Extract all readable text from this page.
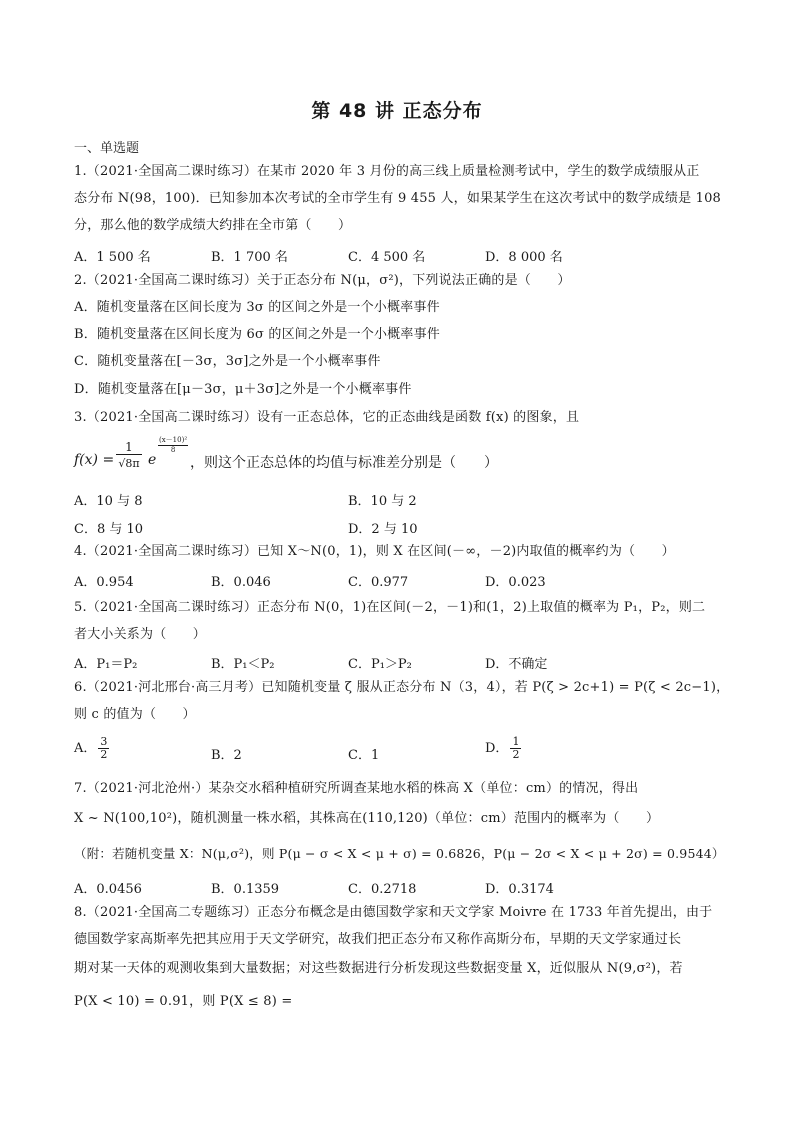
第 48 讲 正态分布
一、单选题
1.（2021·全国高二课时练习）在某市 2020 年 3 月份的高三线上质量检测考试中，学生的数学成绩服从正
态分布 N(98，100)．已知参加本次考试的全市学生有 9 455 人，如果某学生在这次考试中的数学成绩是 108
分，那么他的数学成绩大约排在全市第（　　）
A．1 500 名	B．1 700 名	C．4 500 名	D．8 000 名
2.（2021·全国高二课时练习）关于正态分布 N(μ，σ²)，下列说法正确的是（　　）
A．随机变量落在区间长度为 3σ 的区间之外是一个小概率事件
B．随机变量落在区间长度为 6σ 的区间之外是一个小概率事件
C．随机变量落在[－3σ，3σ]之外是一个小概率事件
D．随机变量落在[μ－3σ，μ＋3σ]之外是一个小概率事件
3.（2021·全国高二课时练习）设有一正态总体，它的正态曲线是函数 f(x) 的图象，且
$f(x) = \frac{1}{√8\pi}$ e
$\frac{\text{(x－10)²}}{8}$
，则这个正态总体的均值与标准差分别是（　　）
A．10 与 8	B．10 与 2
C．8 与 10	D．2 与 10
4.（2021·全国高二课时练习）已知 X～N(0，1)，则 X 在区间(－∞，－2)内取值的概率约为（　　）
A．0.954	B．0.046	C．0.977	D．0.023
5.（2021·全国高二课时练习）正态分布 N(0，1)在区间(－2，－1)和(1，2)上取值的概率为 P₁，P₂，则二
者大小关系为（　　）
A．P₁＝P₂	B．P₁＜P₂	C．P₁＞P₂	D．不确定
6.（2021·河北邢台·高三月考）已知随机变量 ζ 服从正态分布 N（3，4），若 P(ζ > 2c+1) = P(ζ < 2c−1)，
则 c 的值为（　　）
A． $\frac{3}{2}$	B．2	C．1	D． $\frac{1}{2}$
7.（2021·河北沧州·）某杂交水稻种植研究所调查某地水稻的株高 X（单位：cm）的情况，得出
X ~ N(100,10²)，随机测量一株水稻，其株高在(110,120)（单位：cm）范围内的概率为（　　）
（附：若随机变量 X：N(μ,σ²)，则 P(μ − σ < X < μ + σ) = 0.6826，P(μ − 2σ < X < μ + 2σ) = 0.9544）
A．0.0456	B．0.1359	C．0.2718	D．0.3174
8.（2021·全国高二专题练习）正态分布概念是由德国数学家和天文学家 Moivre 在 1733 年首先提出，由于
德国数学家高斯率先把其应用于天文学研究，故我们把正态分布又称作高斯分布，早期的天文学家通过长
期对某一天体的观测收集到大量数据；对这些数据进行分析发现这些数据变量 X，近似服从 N(9,σ²)，若
P(X < 10) = 0.91，则 P(X ≤ 8) =
